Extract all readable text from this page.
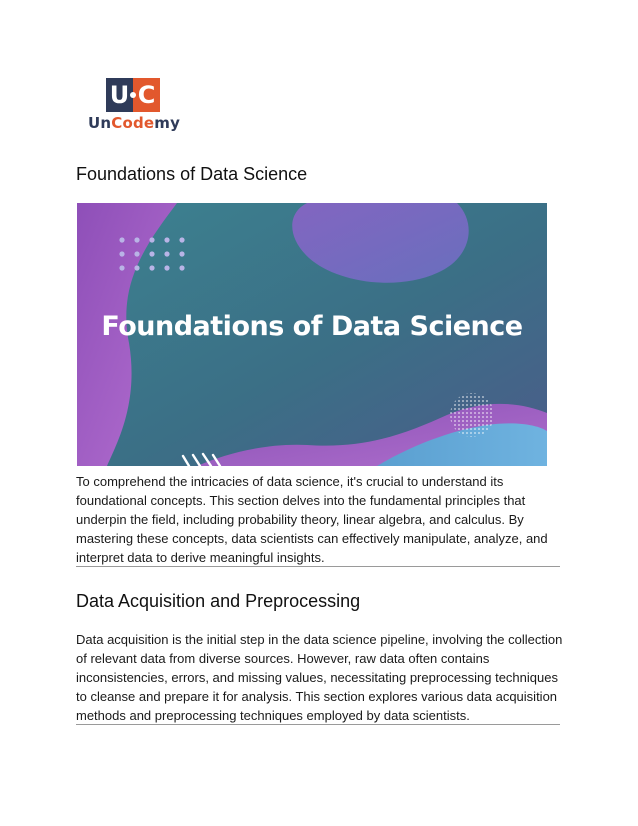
U C
UnCodemy
Foundations of Data Science
Foundations of Data Science

To comprehend the intricacies of data science, it's crucial to understand its foundational concepts. This section delves into the fundamental principles that underpin the field, including probability theory, linear algebra, and calculus. By mastering these concepts, data scientists can effectively manipulate, analyze, and interpret data to derive meaningful insights.

Data Acquisition and Preprocessing

Data acquisition is the initial step in the data science pipeline, involving the collection of relevant data from diverse sources. However, raw data often contains inconsistencies, errors, and missing values, necessitating preprocessing techniques to cleanse and prepare it for analysis. This section explores various data acquisition methods and preprocessing techniques employed by data scientists.
